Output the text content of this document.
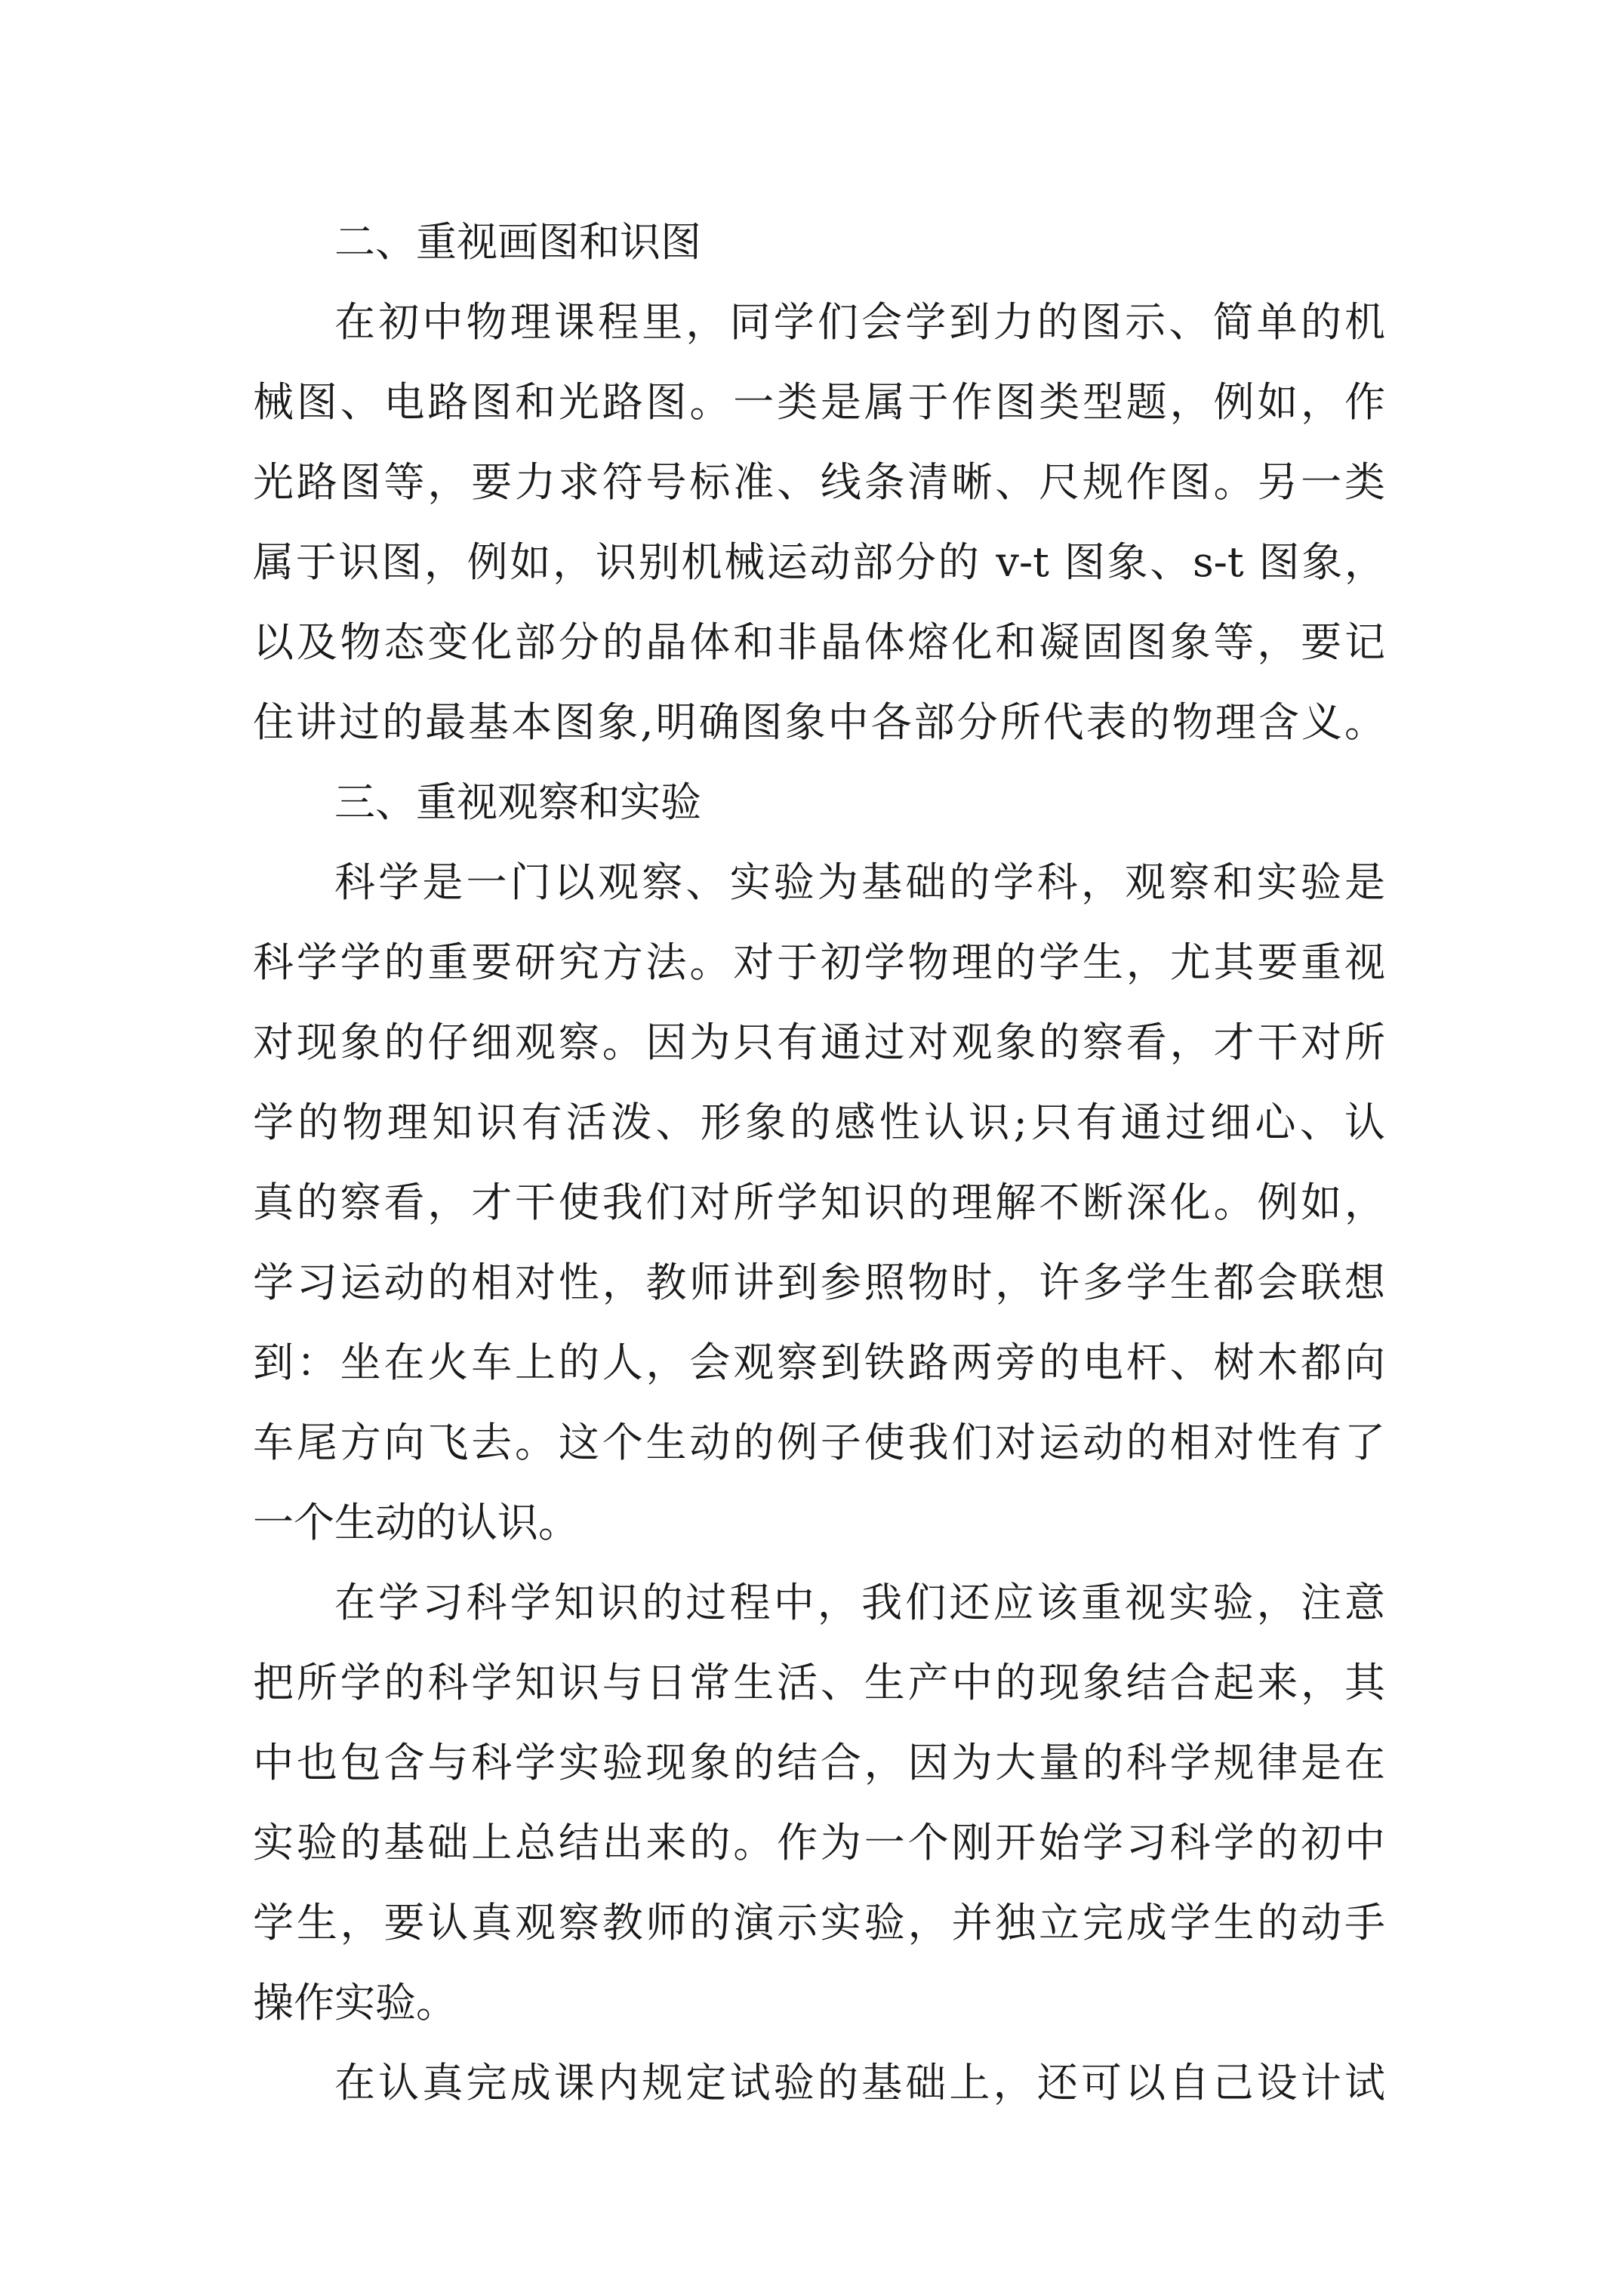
二、重视画图和识图
在初中物理课程里，同学们会学到力的图示、简单的机
械图、电路图和光路图。一类是属于作图类型题，例如，作
光路图等，要力求符号标准、线条清晰、尺规作图。另一类
属于识图，例如，识别机械运动部分的 v-t 图象、s-t 图象，
以及物态变化部分的晶体和非晶体熔化和凝固图象等，要记
住讲过的最基本图象,明确图象中各部分所代表的物理含义。
三、重视观察和实验
科学是一门以观察、实验为基础的学科，观察和实验是
科学学的重要研究方法。对于初学物理的学生，尤其要重视
对现象的仔细观察。因为只有通过对观象的察看，才干对所
学的物理知识有活泼、形象的感性认识;只有通过细心、认
真的察看，才干使我们对所学知识的理解不断深化。例如，
学习运动的相对性，教师讲到参照物时，许多学生都会联想
到：坐在火车上的人，会观察到铁路两旁的电杆、树木都向
车尾方向飞去。这个生动的例子使我们对运动的相对性有了
一个生动的认识。
在学习科学知识的过程中，我们还应该重视实验，注意
把所学的科学知识与日常生活、生产中的现象结合起来，其
中也包含与科学实验现象的结合，因为大量的科学规律是在
实验的基础上总结出来的。作为一个刚开始学习科学的初中
学生，要认真观察教师的演示实验，并独立完成学生的动手
操作实验。
在认真完成课内规定试验的基础上，还可以自己设计试
